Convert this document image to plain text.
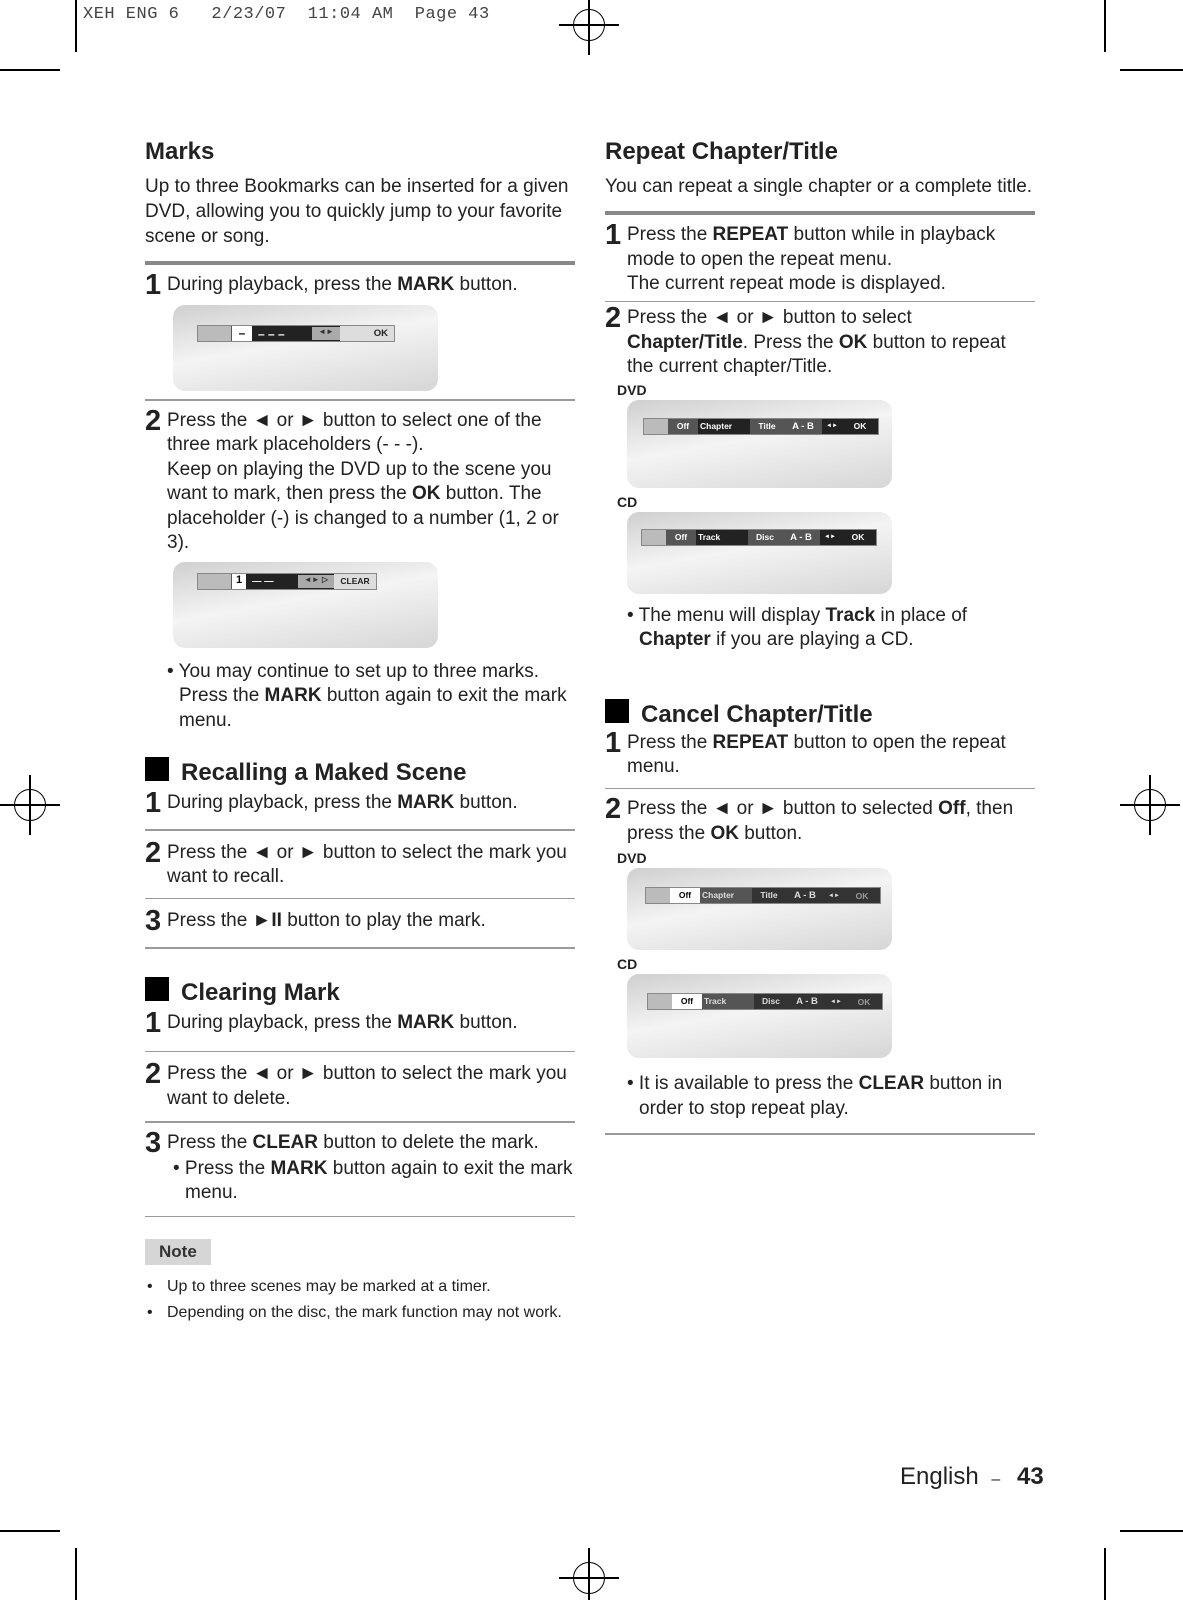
XEH ENG 6   2/23/07  11:04 AM  Page 43
Marks

Up to three Bookmarks can be inserted for a given DVD, allowing you to quickly jump to your favorite scene or song.

1 During playback, press the MARK button.
–	– – –	◄►	OK
2 Press the ◄ or ► button to select one of the three mark placeholders (- - -).
Keep on playing the DVD up to the scene you want to mark, then press the OK button. The placeholder (-) is changed to a number (1, 2 or 3).
1	— —	◄► ▷	CLEAR

• You may continue to set up to three marks. Press the MARK button again to exit the mark menu.

Recalling a Maked Scene
1 During playback, press the MARK button.
2 Press the ◄ or ► button to select the mark you want to recall.
3 Press the ►II button to play the mark.
Clearing Mark
1 During playback, press the MARK button.
2 Press the ◄ or ► button to select the mark you want to delete.
3 Press the CLEAR button to delete the mark.

• Press the MARK button again to exit the mark menu.

Note
• Up to three scenes may be marked at a timer.
• Depending on the disc, the mark function may not work.
Repeat Chapter/Title

You can repeat a single chapter or a complete title.

1 Press the REPEAT button while in playback mode to open the repeat menu.
The current repeat mode is displayed.
2 Press the ◄ or ► button to select Chapter/Title. Press the OK button to repeat the current chapter/Title.
DVD
Off	Chapter	Title	A - B	◄►	OK
CD
Off	Track	Disc	A - B	◄►	OK

• The menu will display Track in place of Chapter if you are playing a CD.

Cancel Chapter/Title
1 Press the REPEAT button to open the repeat menu.
2 Press the ◄ or ► button to selected Off, then press the OK button.
DVD
Off	Chapter	Title	A - B	◄►	OK
CD
Off	Track	Disc	A - B	◄►	OK

• It is available to press the CLEAR button in order to stop repeat play.

English – 43
